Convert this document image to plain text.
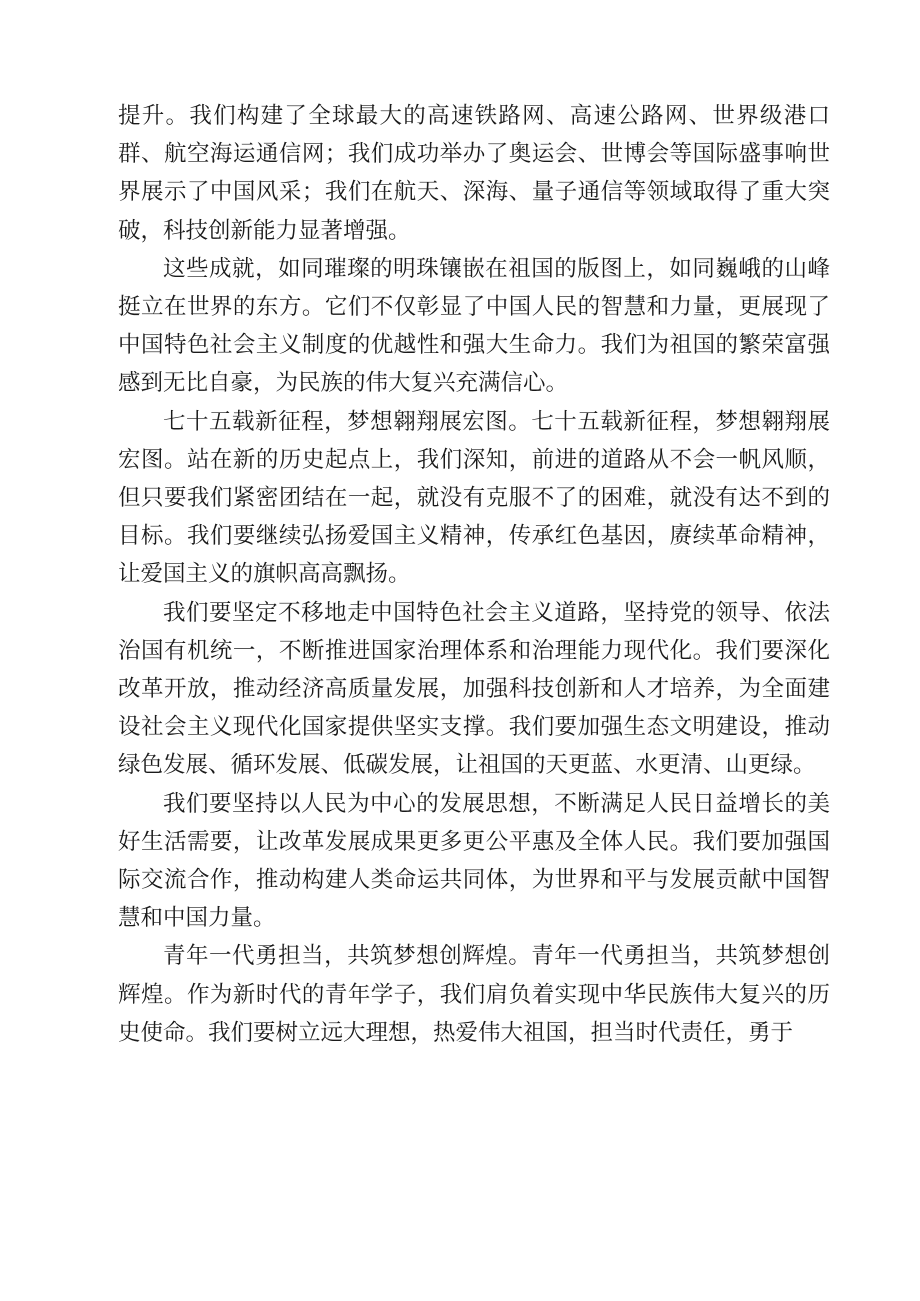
提升。我们构建了全球最大的高速铁路网、高速公路网、世界级港口群、航空海运通信网；我们成功举办了奥运会、世博会等国际盛事响世界展示了中国风采；我们在航天、深海、量子通信等领域取得了重大突破，科技创新能力显著增强。

这些成就，如同璀璨的明珠镶嵌在祖国的版图上，如同巍峨的山峰挺立在世界的东方。它们不仅彰显了中国人民的智慧和力量，更展现了中国特色社会主义制度的优越性和强大生命力。我们为祖国的繁荣富强感到无比自豪，为民族的伟大复兴充满信心。

七十五载新征程，梦想翱翔展宏图。七十五载新征程，梦想翱翔展宏图。站在新的历史起点上，我们深知，前进的道路从不会一帆风顺，但只要我们紧密团结在一起，就没有克服不了的困难，就没有达不到的目标。我们要继续弘扬爱国主义精神，传承红色基因，赓续革命精神，让爱国主义的旗帜高高飘扬。

我们要坚定不移地走中国特色社会主义道路，坚持党的领导、依法治国有机统一，不断推进国家治理体系和治理能力现代化。我们要深化改革开放，推动经济高质量发展，加强科技创新和人才培养，为全面建设社会主义现代化国家提供坚实支撑。我们要加强生态文明建设，推动绿色发展、循环发展、低碳发展，让祖国的天更蓝、水更清、山更绿。

我们要坚持以人民为中心的发展思想，不断满足人民日益增长的美好生活需要，让改革发展成果更多更公平惠及全体人民。我们要加强国际交流合作，推动构建人类命运共同体，为世界和平与发展贡献中国智慧和中国力量。

青年一代勇担当，共筑梦想创辉煌。青年一代勇担当，共筑梦想创辉煌。作为新时代的青年学子，我们肩负着实现中华民族伟大复兴的历史使命。我们要树立远大理想，热爱伟大祖国，担当时代责任，勇于
